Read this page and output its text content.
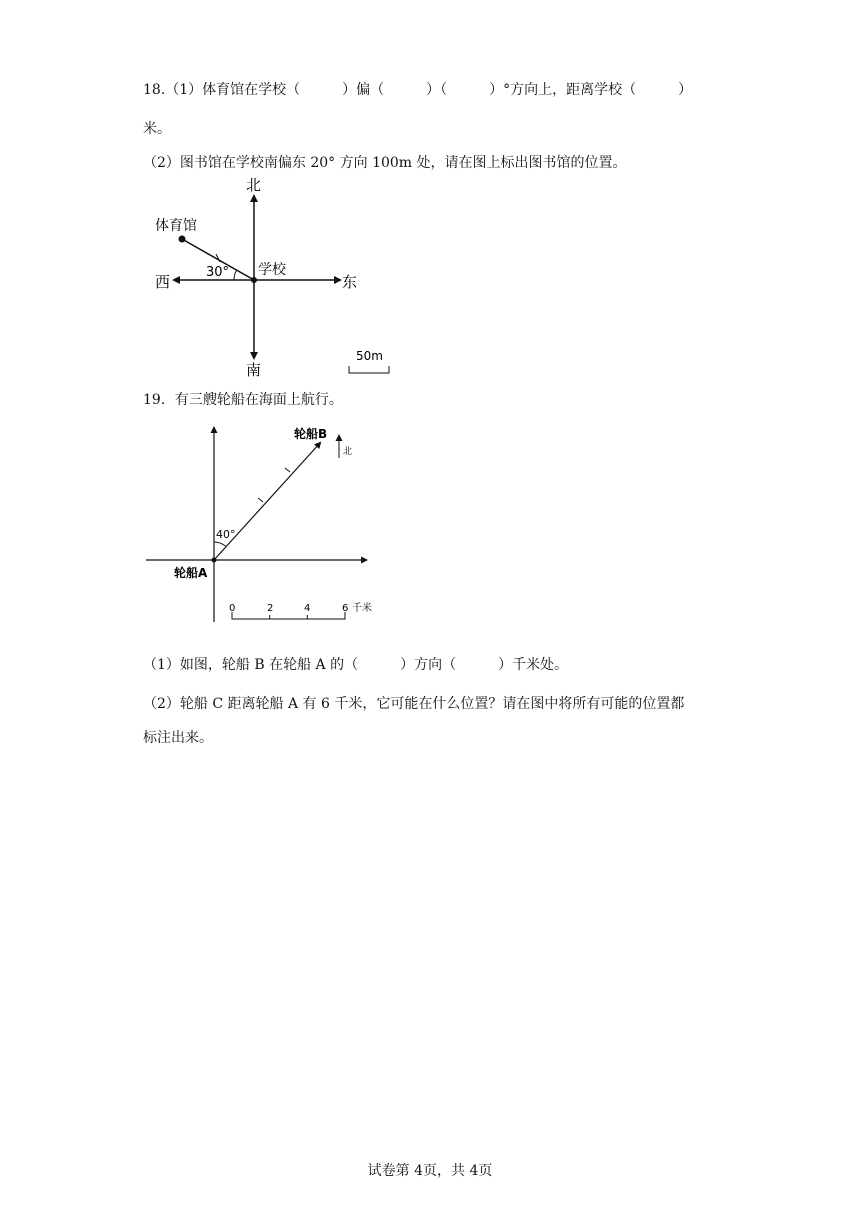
18.（1）体育馆在学校（　　　）偏（　　　）（　　　）°方向上，距离学校（　　　）
米。
（2）图书馆在学校南偏东 20° 方向 100m 处，请在图上标出图书馆的位置。
北
南
西	东
体育馆
学校
30°
50m
19．有三艘轮船在海面上航行。
北
轮船B
轮船A
40°
0	2	4	6 千米
（1）如图，轮船 B 在轮船 A 的（　　　）方向（　　　）千米处。
（2）轮船 C 距离轮船 A 有 6 千米，它可能在什么位置？请在图中将所有可能的位置都
标注出来。
试卷第 4页，共 4页
